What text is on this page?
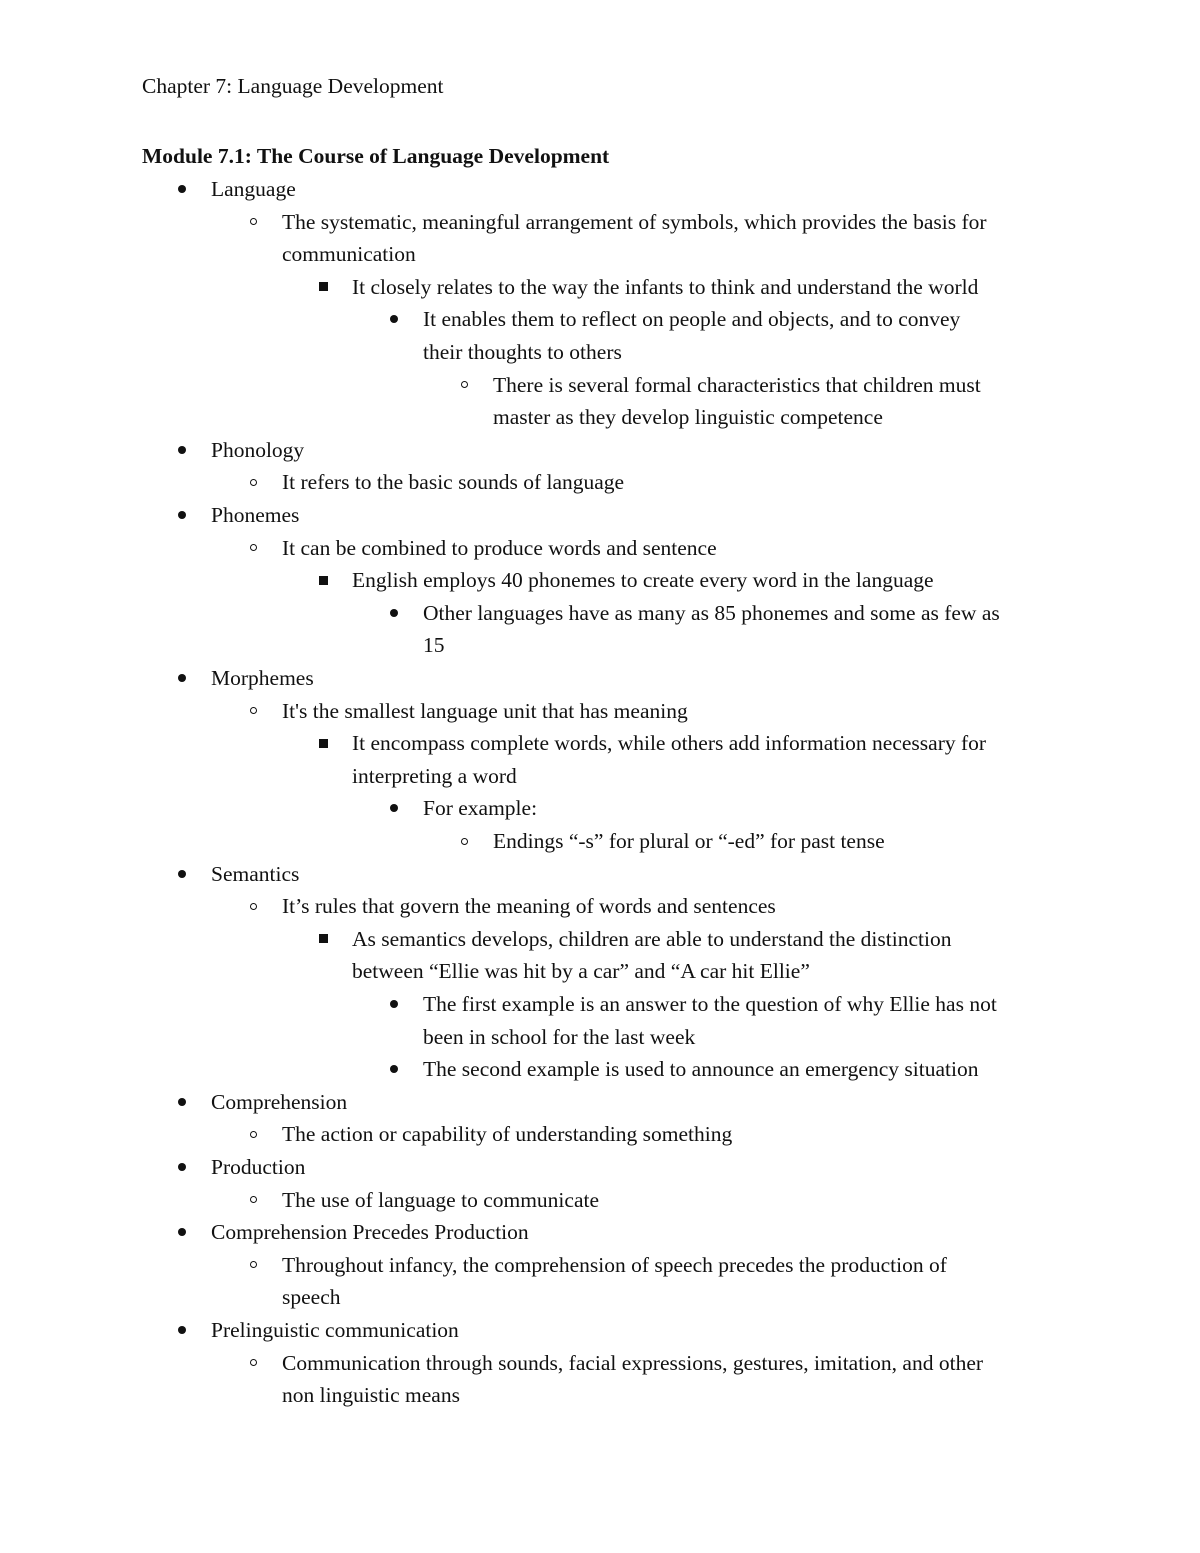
Chapter 7: Language Development
Module 7.1: The Course of Language Development
Language
The systematic, meaningful arrangement of symbols, which provides the basis for
communication
It closely relates to the way the infants to think and understand the world
It enables them to reflect on people and objects, and to convey
their thoughts to others
There is several formal characteristics that children must
master as they develop linguistic competence
Phonology
It refers to the basic sounds of language
Phonemes
It can be combined to produce words and sentence
English employs 40 phonemes to create every word in the language
Other languages have as many as 85 phonemes and some as few as
15
Morphemes
It's the smallest language unit that has meaning
It encompass complete words, while others add information necessary for
interpreting a word
For example:
Endings “-s” for plural or “-ed” for past tense
Semantics
It’s rules that govern the meaning of words and sentences
As semantics develops, children are able to understand the distinction
between “Ellie was hit by a car” and “A car hit Ellie”
The first example is an answer to the question of why Ellie has not
been in school for the last week
The second example is used to announce an emergency situation
Comprehension
The action or capability of understanding something
Production
The use of language to communicate
Comprehension Precedes Production
Throughout infancy, the comprehension of speech precedes the production of
speech
Prelinguistic communication
Communication through sounds, facial expressions, gestures, imitation, and other
non linguistic means
